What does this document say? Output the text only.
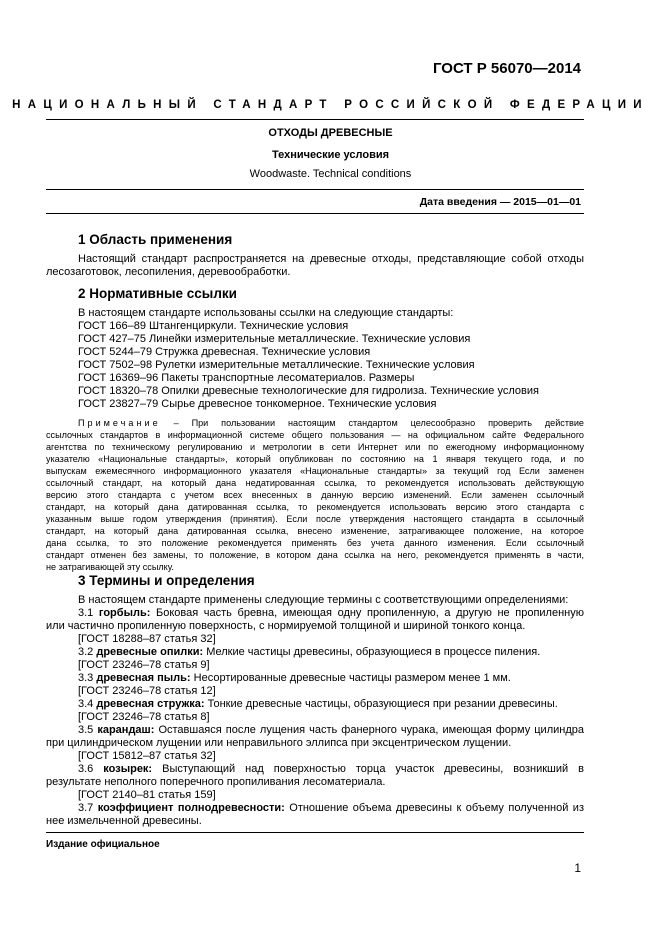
ГОСТ Р 56070—2014
НАЦИОНАЛЬНЫЙ СТАНДАРТ РОССИЙСКОЙ ФЕДЕРАЦИИ
ОТХОДЫ ДРЕВЕСНЫЕ
Технические условия
Woodwaste. Technical conditions
Дата введения — 2015—01—01
1 Область применения
Настоящий стандарт распространяется на древесные отходы, представляющие собой отходы
лесозаготовок, лесопиления, деревообработки.
2 Нормативные ссылки
В настоящем стандарте использованы ссылки на следующие стандарты:
ГОСТ 166–89 Штангенциркули. Технические условия
ГОСТ 427–75 Линейки измерительные металлические. Технические условия
ГОСТ 5244–79 Стружка древесная. Технические условия
ГОСТ 7502–98 Рулетки измерительные металлические. Технические условия
ГОСТ 16369–96 Пакеты транспортные лесоматериалов. Размеры
ГОСТ 18320–78 Опилки древесные технологические для гидролиза. Технические условия
ГОСТ 23827–79 Сырье древесное тонкомерное. Технические условия
Примечание – При пользовании настоящим стандартом целесообразно проверить действие
ссылочных стандартов в информационной системе общего пользования — на официальном сайте Федерального
агентства по техническому регулированию и метрологии в сети Интернет или по ежегодному информационному
указателю «Национальные стандарты», который опубликован по состоянию на 1 января текущего года, и по
выпускам ежемесячного информационного указателя «Национальные стандарты» за текущий год Если заменен
ссылочный стандарт, на который дана недатированная ссылка, то рекомендуется использовать действующую
версию этого стандарта с учетом всех внесенных в данную версию изменений. Если заменен ссылочный
стандарт, на который дана датированная ссылка, то рекомендуется использовать версию этого стандарта с
указанным выше годом утверждения (принятия). Если после утверждения настоящего стандарта в ссылочный
стандарт, на который дана датированная ссылка, внесено изменение, затрагивающее положение, на которое
дана ссылка, то это положение рекомендуется применять без учета данного изменения. Если ссылочный
стандарт отменен без замены, то положение, в котором дана ссылка на него, рекомендуется применять в части,
не затрагивающей эту ссылку.
3 Термины и определения
В настоящем стандарте применены следующие термины с соответствующими определениями:
3.1 горбыль: Боковая часть бревна, имеющая одну пропиленную, а другую не пропиленную
или частично пропиленную поверхность, с нормируемой толщиной и шириной тонкого конца.
[ГОСТ 18288–87 статья 32]
3.2 древесные опилки: Мелкие частицы древесины, образующиеся в процессе пиления.
[ГОСТ 23246–78 статья 9]
3.3 древесная пыль: Несортированные древесные частицы размером менее 1 мм.
[ГОСТ 23246–78 статья 12]
3.4 древесная стружка: Тонкие древесные частицы, образующиеся при резании древесины.
[ГОСТ 23246–78 статья 8]
3.5 карандаш: Оставшаяся после лущения часть фанерного чурака, имеющая форму цилиндра
при цилиндрическом лущении или неправильного эллипса при эксцентрическом лущении.
[ГОСТ 15812–87 статья 32]
3.6 козырек: Выступающий над поверхностью торца участок древесины, возникший в
результате неполного поперечного пропиливания лесоматериала.
[ГОСТ 2140–81 статья 159]
3.7 коэффициент полнодревесности: Отношение объема древесины к объему полученной из
нее измельченной древесины.
Издание официальное
1
